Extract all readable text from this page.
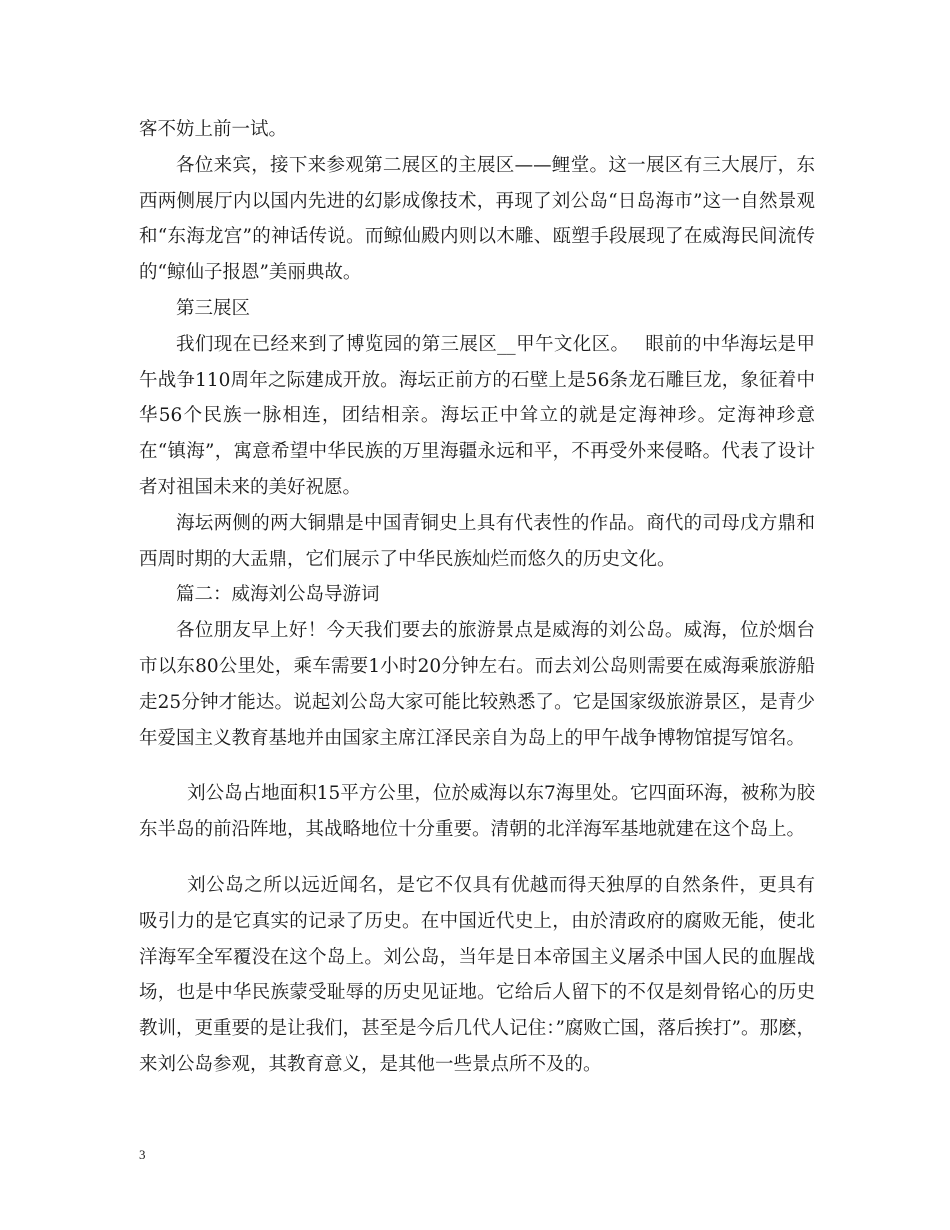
客不妨上前一试。

各位来宾，接下来参观第二展区的主展区——鲤堂。这一展区有三大展厅，东西两侧展厅内以国内先进的幻影成像技术，再现了刘公岛“日岛海市”这一自然景观和“东海龙宫”的神话传说。而鲸仙殿内则以木雕、瓯塑手段展现了在威海民间流传的“鲸仙子报恩”美丽典故。

第三展区

我们现在已经来到了博览园的第三展区__甲午文化区。　 眼前的中华海坛是甲午战争110周年之际建成开放。海坛正前方的石壁上是56条龙石雕巨龙，象征着中华56个民族一脉相连，团结相亲。海坛正中耸立的就是定海神珍。定海神珍意在“镇海”，寓意希望中华民族的万里海疆永远和平，不再受外来侵略。代表了设计者对祖国未来的美好祝愿。

海坛两侧的两大铜鼎是中国青铜史上具有代表性的作品。商代的司母戊方鼎和西周时期的大盂鼎，它们展示了中华民族灿烂而悠久的历史文化。

篇二：威海刘公岛导游词

各位朋友早上好！今天我们要去的旅游景点是威海的刘公岛。威海，位於烟台市以东80公里处，乘车需要1小时20分钟左右。而去刘公岛则需要在威海乘旅游船走25分钟才能达。说起刘公岛大家可能比较熟悉了。它是国家级旅游景区，是青少年爱国主义教育基地并由国家主席江泽民亲自为岛上的甲午战争博物馆提写馆名。

刘公岛占地面积15平方公里，位於威海以东7海里处。它四面环海，被称为胶东半岛的前沿阵地，其战略地位十分重要。清朝的北洋海军基地就建在这个岛上。

刘公岛之所以远近闻名，是它不仅具有优越而得天独厚的自然条件，更具有吸引力的是它真实的记录了历史。在中国近代史上，由於清政府的腐败无能，使北洋海军全军覆没在这个岛上。刘公岛，当年是日本帝国主义屠杀中国人民的血腥战场，也是中华民族蒙受耻辱的历史见证地。它给后人留下的不仅是刻骨铭心的历史教训，更重要的是让我们，甚至是今后几代人记住：”腐败亡国，落后挨打”。那麽，来刘公岛参观，其教育意义，是其他一些景点所不及的。

3
